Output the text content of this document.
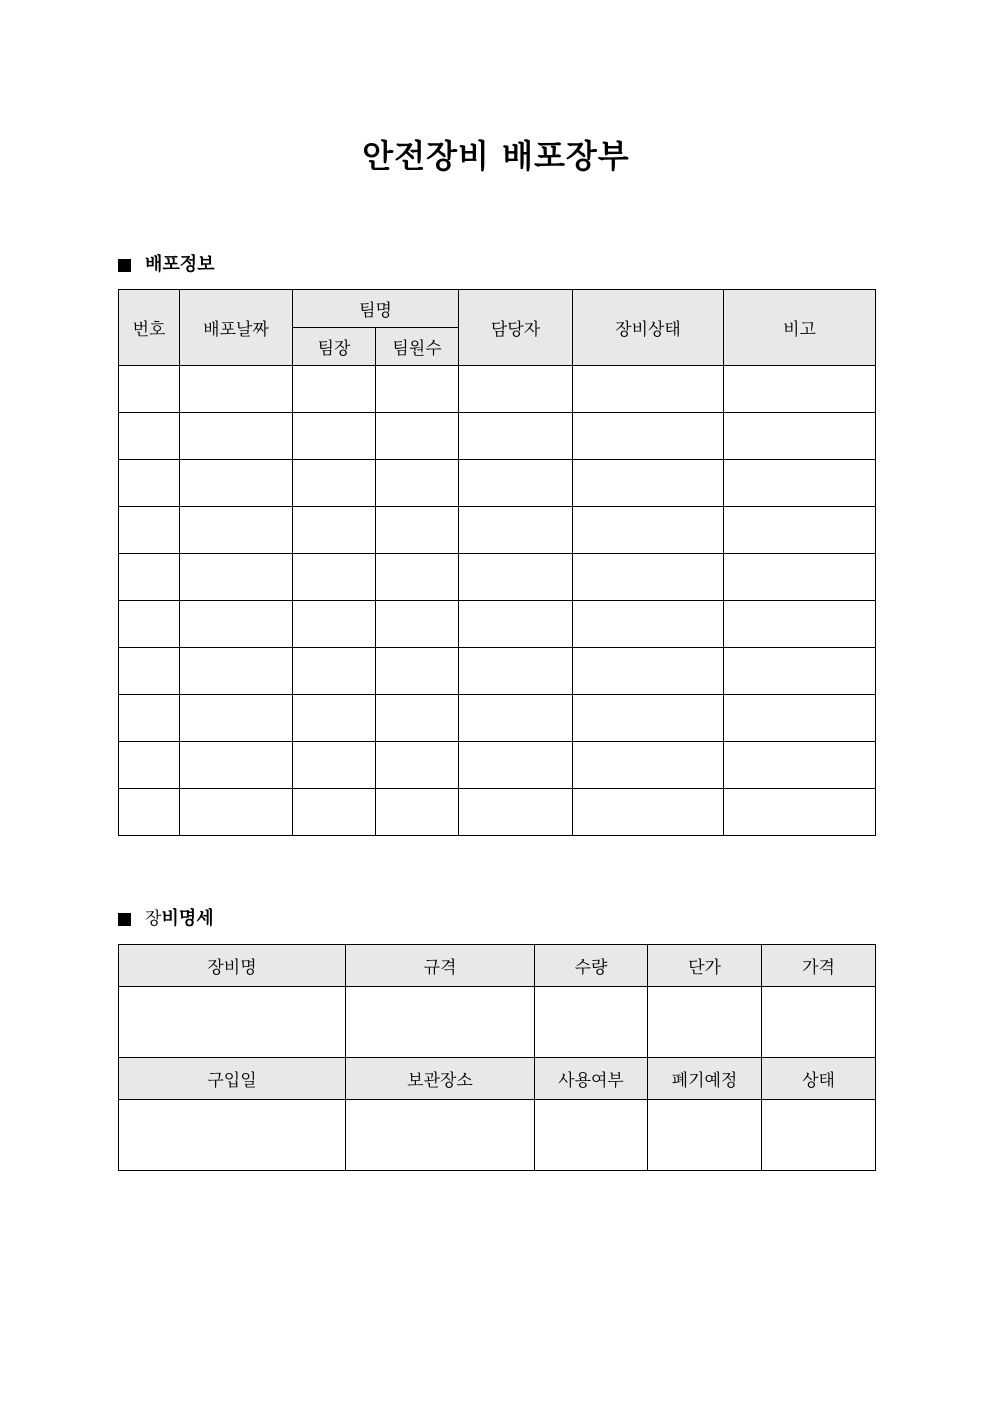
안전장비 배포장부
배포정보
번호	배포날짜	팀명		담당자	장비상태	비고
		팀장	팀원수			

장 비명세
장비명	규격	수량	단가	가격

구입일	보관장소	사용여부	폐기예정	상태
